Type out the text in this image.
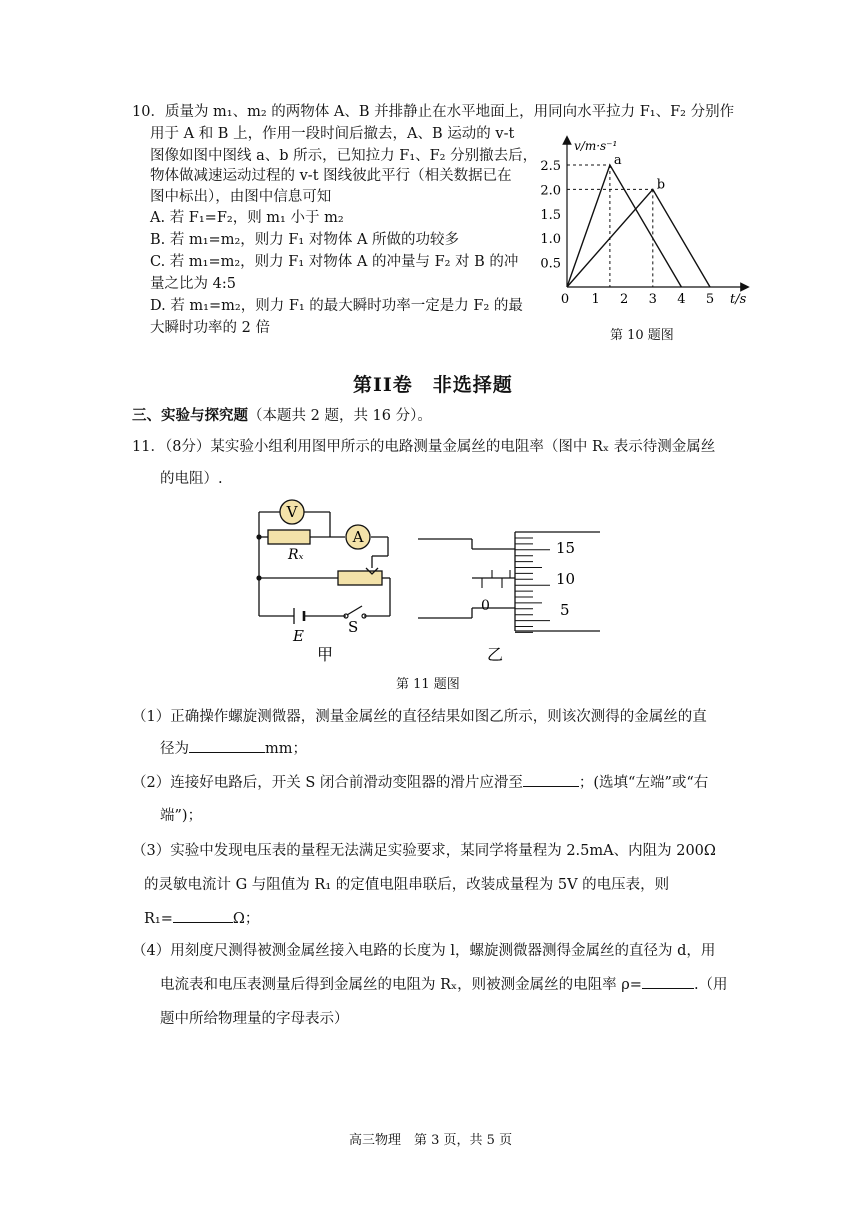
10．质量为 m₁、m₂ 的两物体 A、B 并排静止在水平地面上，用同向水平拉力 F₁、F₂ 分别作
用于 A 和 B 上，作用一段时间后撤去，A、B 运动的 v-t
图像如图中图线 a、b 所示，已知拉力 F₁、F₂ 分别撤去后，
物体做减速运动过程的 v-t 图线彼此平行（相关数据已在
图中标出），由图中信息可知
A. 若 F₁=F₂，则 m₁ 小于 m₂
B. 若 m₁=m₂，则力 F₁ 对物体 A 所做的功较多
C. 若 m₁=m₂，则力 F₁ 对物体 A 的冲量与 F₂ 对 B 的冲
量之比为 4:5
D. 若 m₁=m₂，则力 F₁ 的最大瞬时功率一定是力 F₂ 的最
大瞬时功率的 2 倍
v/m·s⁻¹
t/s
2.5
2.0
1.5
1.0
0.5
0 1 2 3 4 5
a
b
第 10 题图
第II卷　非选择题
三、实验与探究题（本题共 2 题，共 16 分）。
11．（8分）某实验小组利用图甲所示的电路测量金属丝的电阻率（图中 Rₓ 表示待测金属丝
的电阻）.
V
A
Rₓ
E	S
甲
0
15
10
5
乙
第 11 题图
（1）正确操作螺旋测微器，测量金属丝的直径结果如图乙所示，则该次测得的金属丝的直
径为	mm；
（2）连接好电路后，开关 S 闭合前滑动变阻器的滑片应滑至	；(选填“左端”或“右
端”)；
（3）实验中发现电压表的量程无法满足实验要求，某同学将量程为 2.5mA、内阻为 200Ω
的灵敏电流计 G 与阻值为 R₁ 的定值电阻串联后，改装成量程为 5V 的电压表，则
R₁=	Ω；
（4）用刻度尺测得被测金属丝接入电路的长度为 l，螺旋测微器测得金属丝的直径为 d，用
电流表和电压表测量后得到金属丝的电阻为 Rₓ，则被测金属丝的电阻率 ρ=	.（用
题中所给物理量的字母表示）
高三物理　第 3 页，共 5 页
